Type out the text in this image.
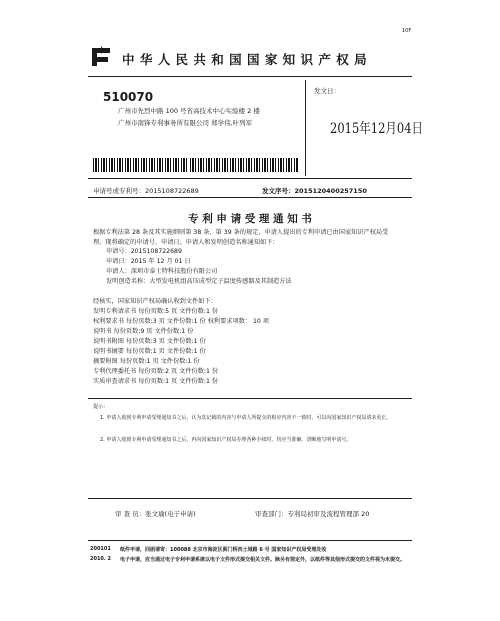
10F
中 华 人 民 共 和 国 国 家 知 识 产 权 局
510070
广州市先烈中路 100 号省高技术中心实验楼 2 楼
广州市南锋专利事务所有限公司 郑学伟,叶列军
发文日：
2015年12月04日
申请号或专利号：2015108722689	发文序号：2015120400257150
专 利 申 请 受 理 通 知 书
根据专利法第 28 条及其实施细则第 38 条、第 39 条的规定，申请人提出的专利申请已由国家知识产权局受理。现将确定的申请号、申请日、申请人和发明创造名称通知如下：
申请号：2015108722689
申请日：2015 年 12 月 01 日
申请人：深圳市泰士特科技股份有限公司
发明创造名称：大型发电机组高压成型定子温度传感器及其制造方法
经核实，国家知识产权局确认收到文件如下：
发明专利请求书 每份页数:5 页 文件份数:1 份
权利要求书 每份页数:3 页 文件份数:1 份 权利要求项数： 10 项
说明书 每份页数:9 页 文件份数:1 份
说明书附图 每份页数:3 页 文件份数:1 份
说明书摘要 每份页数:1 页 文件份数:1 份
摘要附图 每份页数:1 页 文件份数:1 份
专利代理委托书 每份页数:2 页 文件份数:1 份
实质审查请求书 每份页数:1 页 文件份数:1 份
提示：
1. 申请人收到专利申请受理通知书之后，认为其记载的内容与申请人所提交的相应内容不一致时，可以向国家知识产权局请求更正。
2. 申请人收到专利申请受理通知书之后，再向国家知识产权局办理各种手续时，均应当准确、清晰地写明申请号。
审 查 员：张文瑜(电子申请)	审查部门：专利局初审及流程管理部 20
200101
2010. 2
纸件申请，回函请寄：100088 北京市海淀区蓟门桥西土城路 6 号 国家知识产权局受理处收
电子申请，应当通过电子专利申请系统以电子文件形式提交相关文件。除另有规定外，以纸件等其他形式提交的文件视为未提交。
